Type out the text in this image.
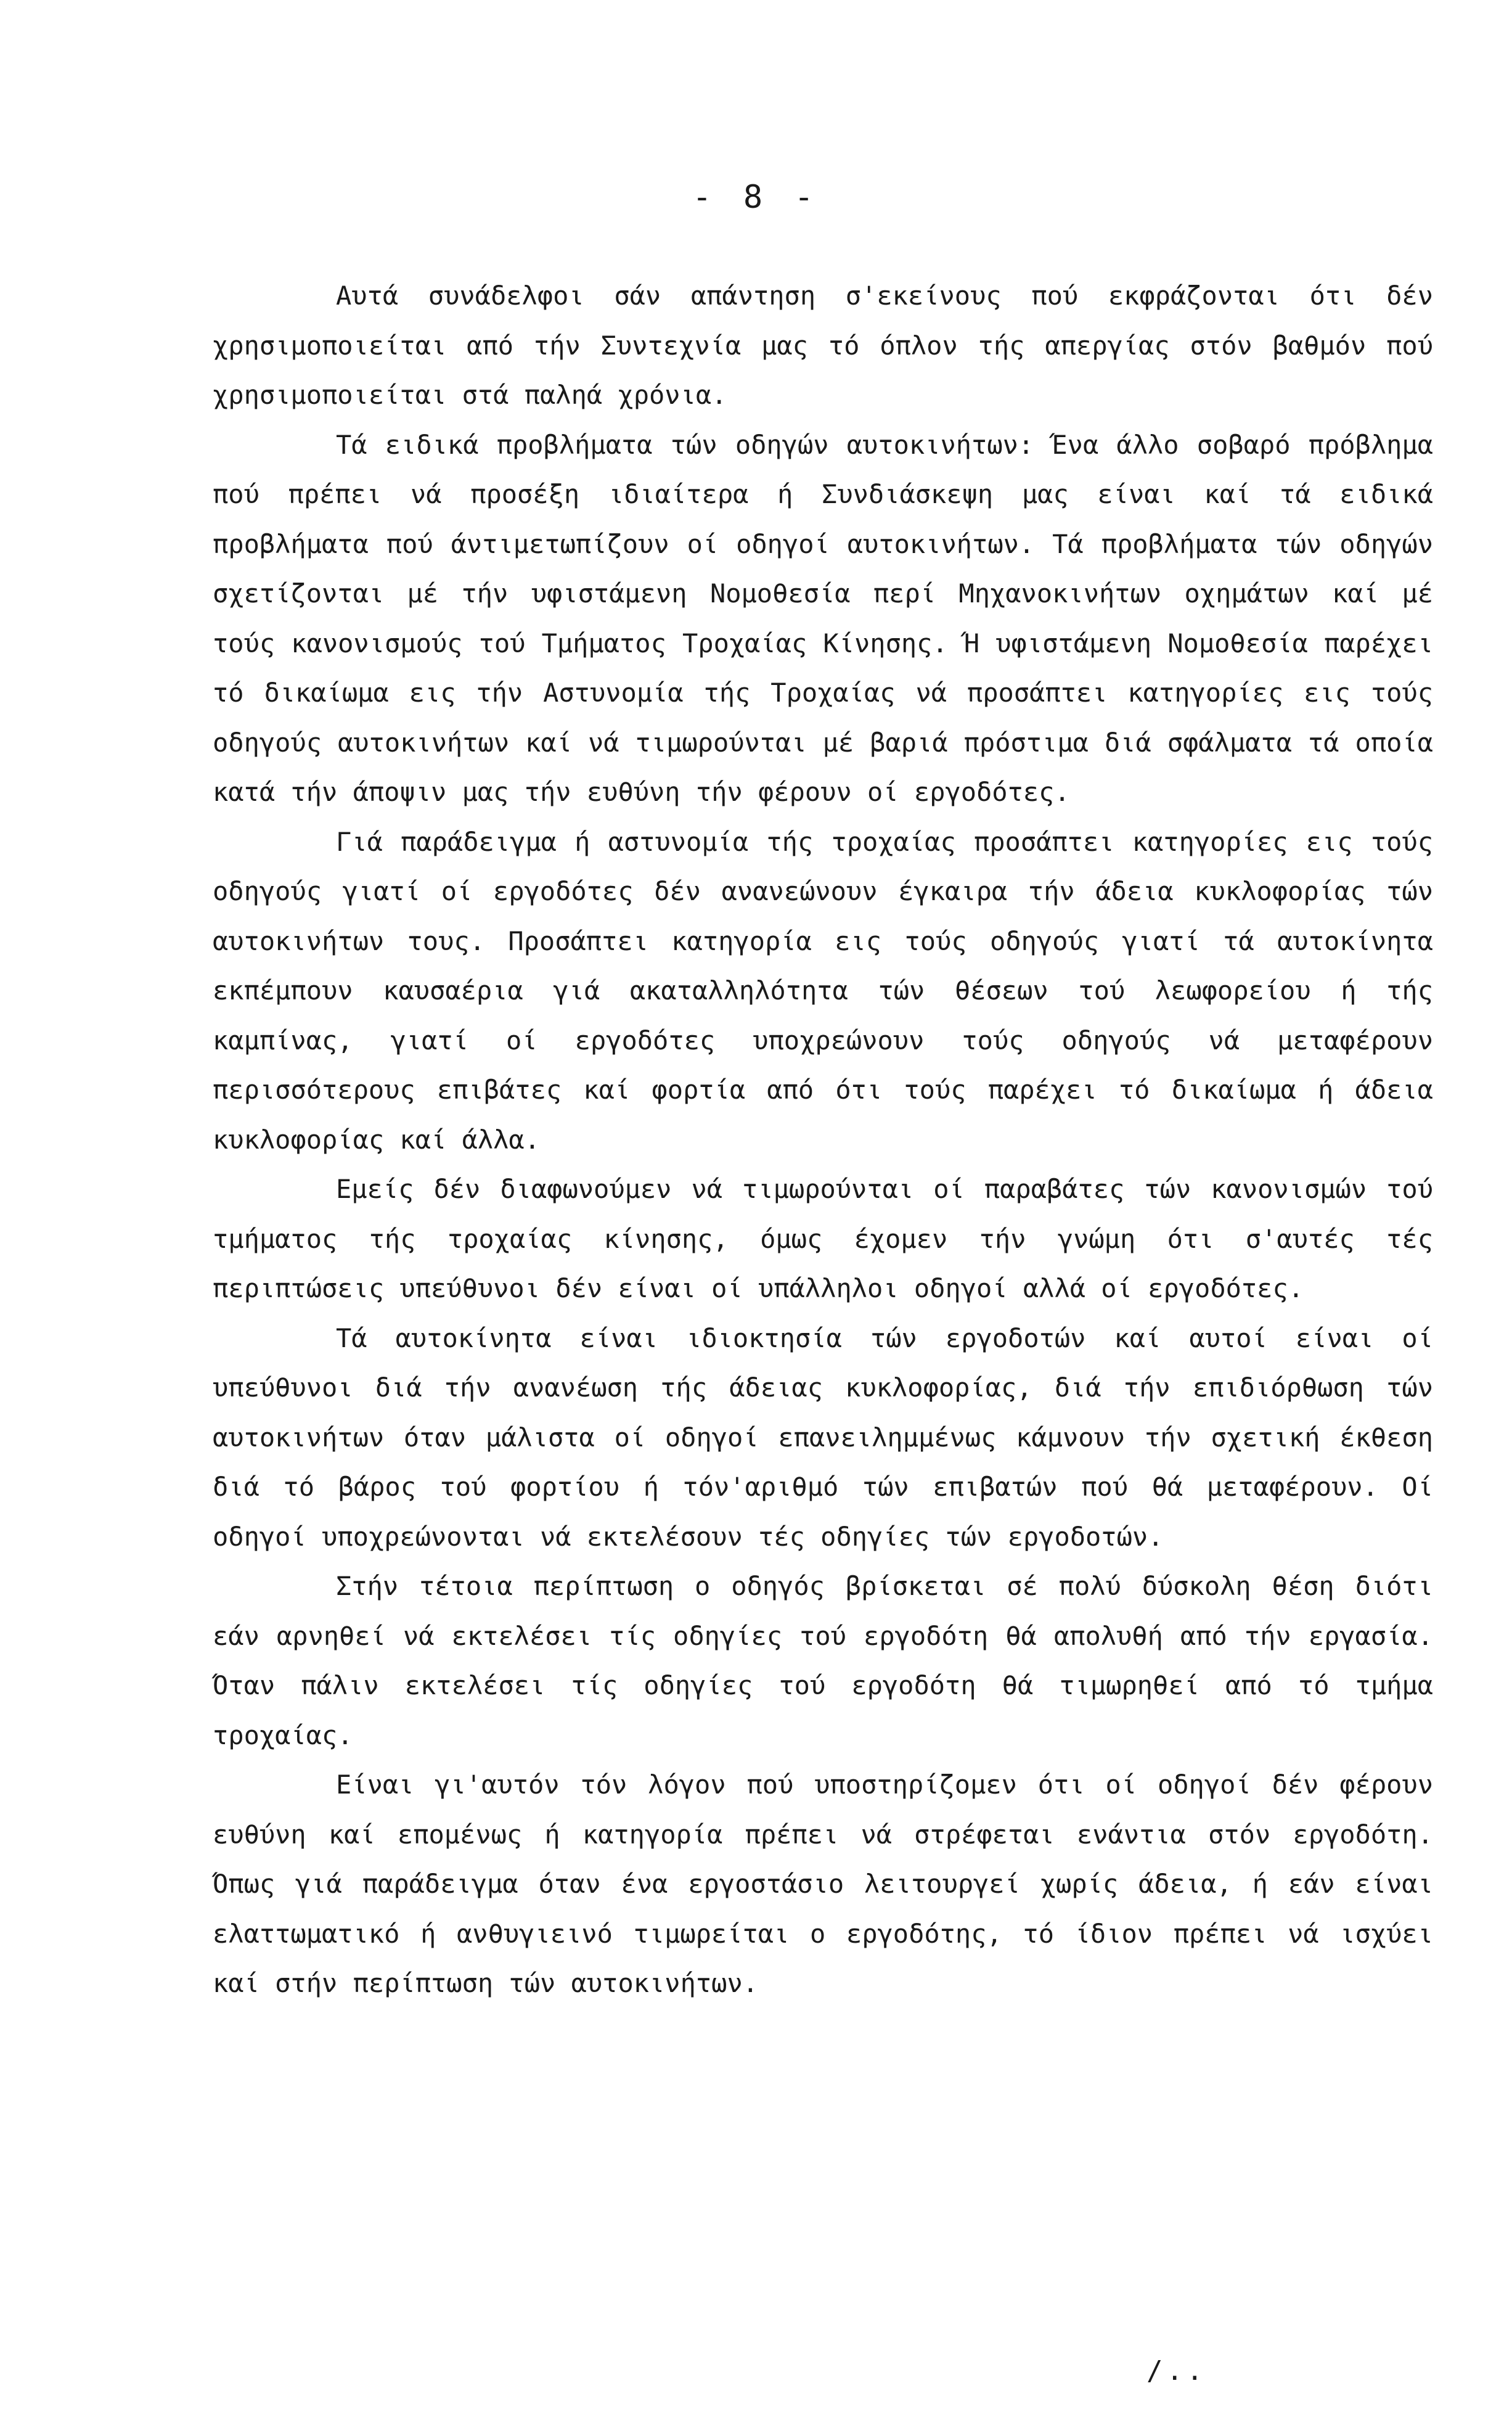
- 8 -

Αυτά συνάδελφοι σάν απάντηση σ'εκείνους πού εκφράζονται ότι δέν χρησιμοποιείται από τήν Συντεχνία μας τό όπλον τής απεργίας στόν βαθμόν πού χρησιμοποιείται στά παληά χρόνια.

Τά ειδικά προβλήματα τών οδηγών αυτοκινήτων: Ένα άλλο σοβαρό πρόβλημα πού πρέπει νά προσέξη ιδιαίτερα ή Συνδιάσκεψη μας είναι καί τά ειδικά προβλήματα πού άντιμετωπίζουν οί οδηγοί αυτοκινήτων. Τά προβλήματα τών οδηγών σχετίζονται μέ τήν υφιστάμενη Νομοθεσία περί Μηχανοκινήτων οχημάτων καί μέ τούς κανονισμούς τού Τμήματος Τροχαίας Κίνησης. Ή υφιστάμενη Νομοθεσία παρέχει τό δικαίωμα εις τήν Αστυνομία τής Τροχαίας νά προσάπτει κατηγορίες εις τούς οδηγούς αυτοκινήτων καί νά τιμωρούνται μέ βαριά πρόστιμα διά σφάλματα τά οποία κατά τήν άποψιν μας τήν ευθύνη τήν φέρουν οί εργοδότες.

Γιά παράδειγμα ή αστυνομία τής τροχαίας προσάπτει κατηγορίες εις τούς οδηγούς γιατί οί εργοδότες δέν ανανεώνουν έγκαιρα τήν άδεια κυκλοφορίας τών αυτοκινήτων τους. Προσάπτει κατηγορία εις τούς οδηγούς γιατί τά αυτοκίνητα εκπέμπουν καυσαέρια γιά ακαταλληλότητα τών θέσεων τού λεωφορείου ή τής καμπίνας, γιατί οί εργοδότες υποχρεώνουν τούς οδηγούς νά μεταφέρουν περισσότερους επιβάτες καί φορτία από ότι τούς παρέχει τό δικαίωμα ή άδεια κυκλοφορίας καί άλλα.

Εμείς δέν διαφωνούμεν νά τιμωρούνται οί παραβάτες τών κανονισμών τού τμήματος τής τροχαίας κίνησης, όμως έχομεν τήν γνώμη ότι σ'αυτές τές περιπτώσεις υπεύθυνοι δέν είναι οί υπάλληλοι οδηγοί αλλά οί εργοδότες.

Τά αυτοκίνητα είναι ιδιοκτησία τών εργοδοτών καί αυτοί είναι οί υπεύθυνοι διά τήν ανανέωση τής άδειας κυκλοφορίας, διά τήν επιδιόρθωση τών αυτοκινήτων όταν μάλιστα οί οδηγοί επανειλημμένως κάμνουν τήν σχετική έκθεση διά τό βάρος τού φορτίου ή τόν'αριθμό τών επιβατών πού θά μεταφέρουν. Οί οδηγοί υποχρεώνονται νά εκτελέσουν τές οδηγίες τών εργοδοτών.

Στήν τέτοια περίπτωση ο οδηγός βρίσκεται σέ πολύ δύσκολη θέση διότι εάν αρνηθεί νά εκτελέσει τίς οδηγίες τού εργοδότη θά απολυθή από τήν εργασία. Όταν πάλιν εκτελέσει τίς οδηγίες τού εργοδότη θά τιμωρηθεί από τό τμήμα τροχαίας.

Είναι γι'αυτόν τόν λόγον πού υποστηρίζομεν ότι οί οδηγοί δέν φέρουν ευθύνη καί επομένως ή κατηγορία πρέπει νά στρέφεται ενάντια στόν εργοδότη. Όπως γιά παράδειγμα όταν ένα εργοστάσιο λειτουργεί χωρίς άδεια, ή εάν είναι ελαττωματικό ή ανθυγιεινό τιμωρείται ο εργοδότης, τό ίδιον πρέπει νά ισχύει καί στήν περίπτωση τών αυτοκινήτων.

/..
